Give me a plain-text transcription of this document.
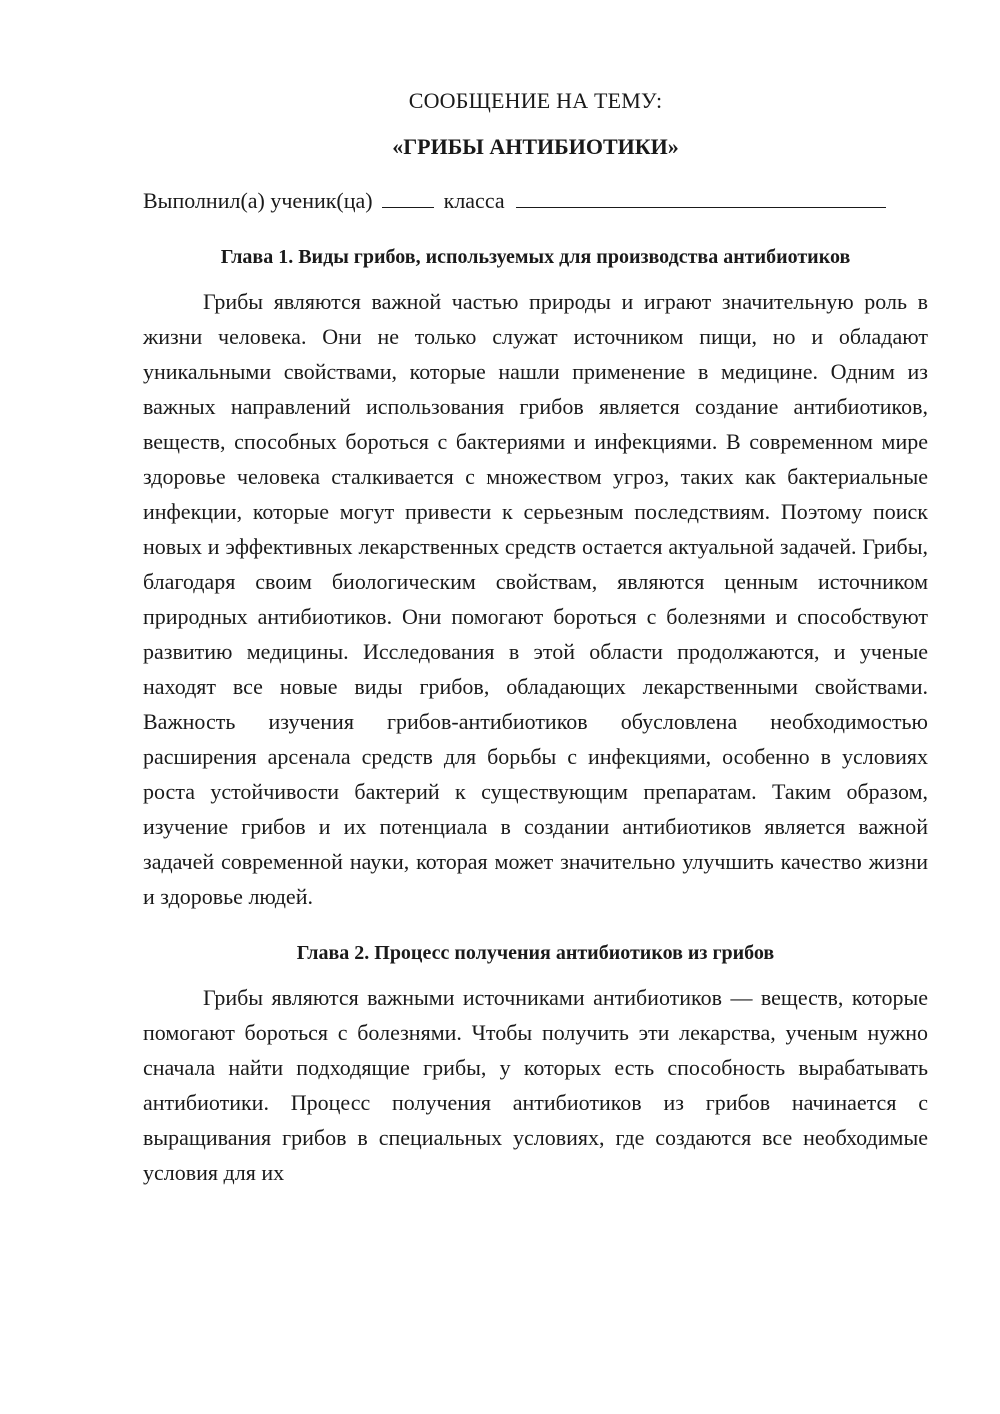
СООБЩЕНИЕ НА ТЕМУ:

«ГРИБЫ АНТИБИОТИКИ»

Выполнил(а) ученик(ца)	класса

Глава 1. Виды грибов, используемых для производства антибиотиков

Грибы являются важной частью природы и играют значительную роль в жизни человека. Они не только служат источником пищи, но и обладают уникальными свойствами, которые нашли применение в медицине. Одним из важных направлений использования грибов является создание антибиотиков, веществ, способных бороться с бактериями и инфекциями. В современном мире здоровье человека сталкивается с множеством угроз, таких как бактериальные инфекции, которые могут привести к серьезным последствиям. Поэтому поиск новых и эффективных лекарственных средств остается актуальной задачей. Грибы, благодаря своим биологическим свойствам, являются ценным источником природных антибиотиков. Они помогают бороться с болезнями и способствуют развитию медицины. Исследования в этой области продолжаются, и ученые находят все новые виды грибов, обладающих лекарственными свойствами. Важность изучения грибов-антибиотиков обусловлена необходимостью расширения арсенала средств для борьбы с инфекциями, особенно в условиях роста устойчивости бактерий к существующим препаратам. Таким образом, изучение грибов и их потенциала в создании антибиотиков является важной задачей современной науки, которая может значительно улучшить качество жизни и здоровье людей.

Глава 2. Процесс получения антибиотиков из грибов

Грибы являются важными источниками антибиотиков — веществ, которые помогают бороться с болезнями. Чтобы получить эти лекарства, ученым нужно сначала найти подходящие грибы, у которых есть способность вырабатывать антибиотики. Процесс получения антибиотиков из грибов начинается с выращивания грибов в специальных условиях, где создаются все необходимые условия для их
